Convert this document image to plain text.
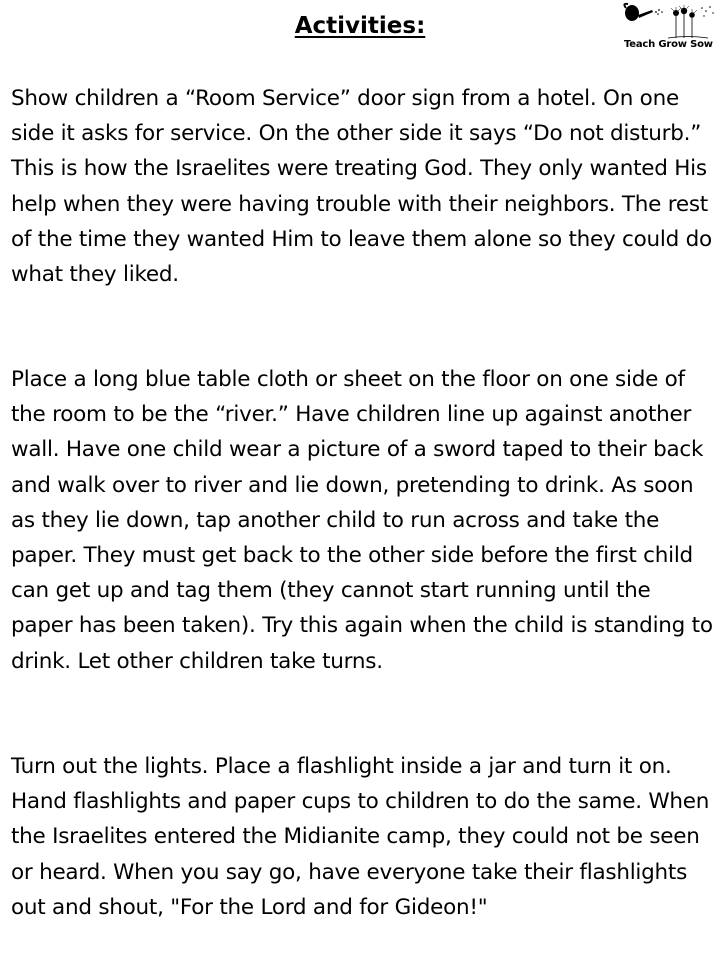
Activities:
Teach Grow Sow

Show children a “Room Service” door sign from a hotel. On one side it asks for service. On the other side it says “Do not disturb.” This is how the Israelites were treating God. They only wanted His help when they were having trouble with their neighbors. The rest of the time they wanted Him to leave them alone so they could do what they liked.

Place a long blue table cloth or sheet on the floor on one side of the room to be the “river.” Have children line up against another wall. Have one child wear a picture of a sword taped to their back and walk over to river and lie down, pretending to drink. As soon as they lie down, tap another child to run across and take the paper. They must get back to the other side before the first child can get up and tag them (they cannot start running until the paper has been taken). Try this again when the child is standing to drink. Let other children take turns.

Turn out the lights. Place a flashlight inside a jar and turn it on. Hand flashlights and paper cups to children to do the same. When the Israelites entered the Midianite camp, they could not be seen or heard. When you say go, have everyone take their flashlights out and shout, "For the Lord and for Gideon!"
